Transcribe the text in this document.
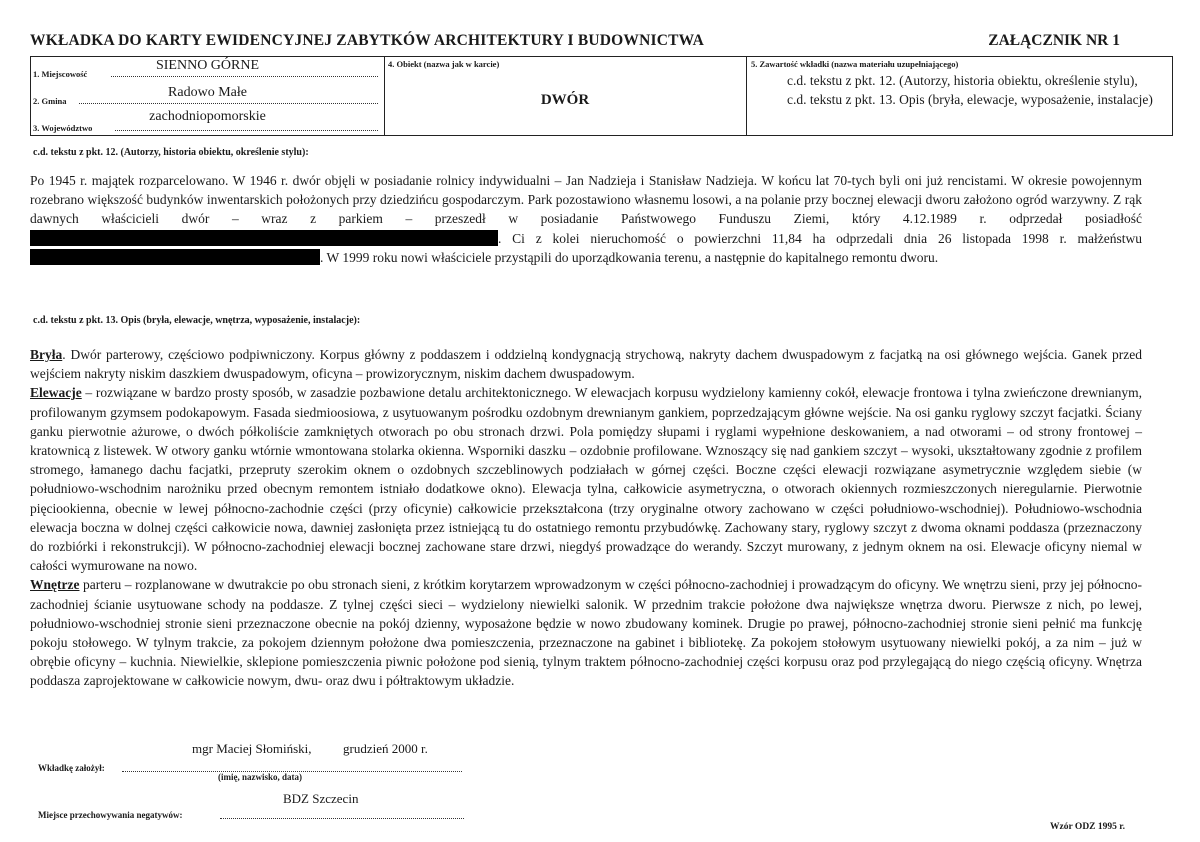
WKŁADKA DO KARTY EWIDENCYJNEJ ZABYTKÓW ARCHITEKTURY I BUDOWNICTWA	ZAŁĄCZNIK NR 1
SIENNO GÓRNE
1. Miejscowość
Radowo Małe
2. Gmina
zachodniopomorskie
3. Województwo
4. Obiekt (nazwa jak w karcie)
DWÓR
5. Zawartość wkładki (nazwa materiału uzupełniającego)
c.d. tekstu z pkt. 12. (Autorzy, historia obiektu, określenie stylu),
c.d. tekstu z pkt. 13. Opis (bryła, elewacje, wyposażenie, instalacje)
c.d. tekstu z pkt. 12. (Autorzy, historia obiektu, określenie stylu):
Po 1945 r. majątek rozparcelowano. W 1946 r. dwór objęli w posiadanie rolnicy indywidualni – Jan Nadzieja i Stanisław Nadzieja. W końcu lat 70-tych byli oni już rencistami. W okresie powojennym rozebrano większość budynków inwentarskich położonych przy dziedzińcu gospodarczym. Park pozostawiono własnemu losowi, a na polanie przy bocznej elewacji dworu założono ogród warzywny. Z rąk dawnych właścicieli dwór – wraz z parkiem – przeszedł w posiadanie Państwowego Funduszu Ziemi, który 4.12.1989 r. odprzedał posiadłość. Ci z kolei nieruchomość o powierzchni 11,84 ha odprzedali dnia 26 listopada 1998 r. małżeństwu. W 1999 roku nowi właściciele przystąpili do uporządkowania terenu, a następnie do kapitalnego remontu dworu.
c.d. tekstu z pkt. 13. Opis (bryła, elewacje, wnętrza, wyposażenie, instalacje):
Bryła. Dwór parterowy, częściowo podpiwniczony. Korpus główny z poddaszem i oddzielną kondygnacją strychową, nakryty dachem dwuspadowym z facjatką na osi głównego wejścia. Ganek przed wejściem nakryty niskim daszkiem dwuspadowym, oficyna – prowizorycznym, niskim dachem dwuspadowym.
Elewacje – rozwiązane w bardzo prosty sposób, w zasadzie pozbawione detalu architektonicznego. W elewacjach korpusu wydzielony kamienny cokół, elewacje frontowa i tylna zwieńczone drewnianym, profilowanym gzymsem podokapowym. Fasada siedmioosiowa, z usytuowanym pośrodku ozdobnym drewnianym gankiem, poprzedzającym główne wejście. Na osi ganku ryglowy szczyt facjatki. Ściany ganku pierwotnie ażurowe, o dwóch półkoliście zamkniętych otworach po obu stronach drzwi. Pola pomiędzy słupami i ryglami wypełnione deskowaniem, a nad otworami – od strony frontowej – kratownicą z listewek. W otwory ganku wtórnie wmontowana stolarka okienna. Wsporniki daszku – ozdobnie profilowane. Wznoszący się nad gankiem szczyt – wysoki, ukształtowany zgodnie z profilem stromego, łamanego dachu facjatki, przepruty szerokim oknem o ozdobnych szczeblinowych podziałach w górnej części. Boczne części elewacji rozwiązane asymetrycznie względem siebie (w południowo-wschodnim narożniku przed obecnym remontem istniało dodatkowe okno). Elewacja tylna, całkowicie asymetryczna, o otworach okiennych rozmieszczonych nieregularnie. Pierwotnie pięciookienna, obecnie w lewej północno-zachodnie części (przy oficynie) całkowicie przekształcona (trzy oryginalne otwory zachowano w części południowo-wschodniej). Południowo-wschodnia elewacja boczna w dolnej części całkowicie nowa, dawniej zasłonięta przez istniejącą tu do ostatniego remontu przybudówkę. Zachowany stary, ryglowy szczyt z dwoma oknami poddasza (przeznaczony do rozbiórki i rekonstrukcji). W północno-zachodniej elewacji bocznej zachowane stare drzwi, niegdyś prowadzące do werandy. Szczyt murowany, z jednym oknem na osi. Elewacje oficyny niemal w całości wymurowane na nowo.
Wnętrze parteru – rozplanowane w dwutrakcie po obu stronach sieni, z krótkim korytarzem wprowadzonym w części północno-zachodniej i prowadzącym do oficyny. We wnętrzu sieni, przy jej północno-zachodniej ścianie usytuowane schody na poddasze. Z tylnej części sieci – wydzielony niewielki salonik. W przednim trakcie położone dwa największe wnętrza dworu. Pierwsze z nich, po lewej, południowo-wschodniej stronie sieni przeznaczone obecnie na pokój dzienny, wyposażone będzie w nowo zbudowany kominek. Drugie po prawej, północno-zachodniej stronie sieni pełnić ma funkcję pokoju stołowego. W tylnym trakcie, za pokojem dziennym położone dwa pomieszczenia, przeznaczone na gabinet i bibliotekę. Za pokojem stołowym usytuowany niewielki pokój, a za nim – już w obrębie oficyny – kuchnia. Niewielkie, sklepione pomieszczenia piwnic położone pod sienią, tylnym traktem północno-zachodniej części korpusu oraz pod przylegającą do niego częścią oficyny. Wnętrza poddasza zaprojektowane w całkowicie nowym, dwu- oraz dwu i półtraktowym układzie.
mgr Maciej Słomiński, grudzień 2000 r.
Wkładkę założył:
(imię, nazwisko, data)
BDZ Szczecin
Miejsce przechowywania negatywów:
Wzór ODZ 1995 r.
